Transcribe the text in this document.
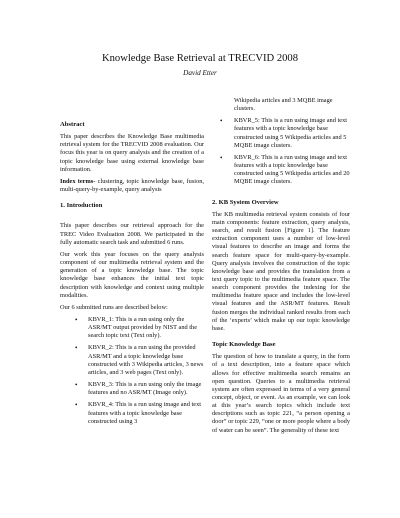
Knowledge Base Retrieval at TRECVID 2008
David Etter
Abstract
This paper describes the Knowledge Base multimedia retrieval system for the TRECVID 2008 evaluation. Our focus this year is on query analysis and the creation of a topic knowledge base using external knowledge base information.
Index terms- clustering, topic knowledge base, fusion, multi-query-by-example, query analysis
1. Introduction
This paper describes our retrieval approach for the TREC Video Evaluation 2008. We participated in the fully automatic search task and submitted 6 runs.
Our work this year focuses on the query analysis component of our multimedia retrieval system and the generation of a topic knowledge base. The topic knowledge base enhances the initial text topic description with knowledge and context using multiple modalities.
Our 6 submitted runs are described below:
• KBVR_1: This is a run using only the ASR/MT output provided by NIST and the search topic text (Text only).
• KBVR_2: This is a run using the provided ASR/MT and a topic knowledge base constructed with 3 Wikipedia articles, 3 news articles, and 3 web pages (Text only).
• KBVR_3: This is a run using only the image features and no ASR/MT (Image only).
• KBVR_4: This is a run using image and text features with a topic knowledge base constructed using 3
Wikipedia articles and 3 MQBE image clusters.
• KBVR_5: This is a run using image and text features with a topic knowledge base constructed using 5 Wikipedia articles and 5 MQBE image clusters.
• KBVR_6: This is a run using image and text features with a topic knowledge base constructed using 5 Wikipedia articles and 20 MQBE image clusters.
2. KB System Overview
The KB multimedia retrieval system consists of four main components: feature extraction, query analysis, search, and result fusion [Figure 1]. The feature extraction component uses a number of low-level visual features to describe an image and forms the search feature space for multi-query-by-example. Query analysis involves the construction of the topic knowledge base and provides the translation from a text query topic to the multimedia feature space. The search component provides the indexing for the multimedia feature space and includes the low-level visual features and the ASR/MT features. Result fusion merges the individual ranked results from each of the ‘experts’ which make up our topic knowledge base.
Topic Knowledge Base
The question of how to translate a query, in the form of a text description, into a feature space which allows for effective multimedia search remains an open question. Queries to a multimedia retrieval system are often expressed in terms of a very general concept, object, or event. As an example, we can look at this year’s search topics which include text descriptions such as topic 221, “a person opening a door” or topic 229, “one or more people where a body of water can be seen”. The generality of these text
